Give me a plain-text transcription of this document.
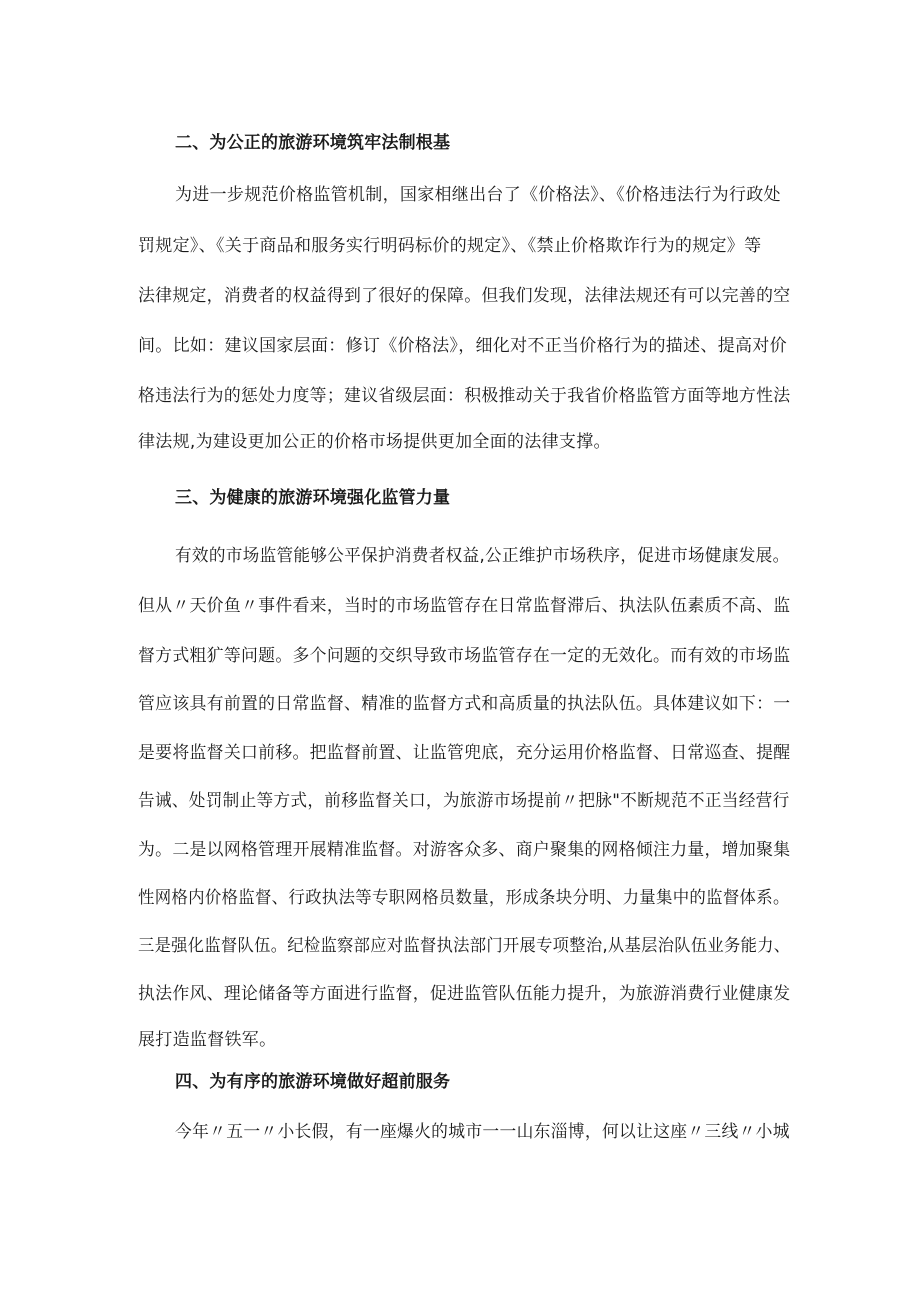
二、为公正的旅游环境筑牢法制根基
为进一步规范价格监管机制，国家相继出台了《价格法》、《价格违法行为行政处
罚规定》、《关于商品和服务实行明码标价的规定》、《禁止价格欺诈行为的规定》等
法律规定，消费者的权益得到了很好的保障。但我们发现，法律法规还有可以完善的空
间。比如：建议国家层面：修订《价格法》，细化对不正当价格行为的描述、提高对价
格违法行为的惩处力度等；建议省级层面：积极推动关于我省价格监管方面等地方性法
律法规,为建设更加公正的价格市场提供更加全面的法律支撑。
三、为健康的旅游环境强化监管力量
有效的市场监管能够公平保护消费者权益,公正维护市场秩序，促进市场健康发展。
但从〃天价鱼〃事件看来，当时的市场监管存在日常监督滞后、执法队伍素质不高、监
督方式粗犷等问题。多个问题的交织导致市场监管存在一定的无效化。而有效的市场监
管应该具有前置的日常监督、精准的监督方式和高质量的执法队伍。具体建议如下：一
是要将监督关口前移。把监督前置、让监管兜底，充分运用价格监督、日常巡查、提醒
告诫、处罚制止等方式，前移监督关口，为旅游市场提前〃把脉"不断规范不正当经营行
为。二是以网格管理开展精准监督。对游客众多、商户聚集的网格倾注力量，增加聚集
性网格内价格监督、行政执法等专职网格员数量，形成条块分明、力量集中的监督体系。
三是强化监督队伍。纪检监察部应对监督执法部门开展专项整治,从基层治队伍业务能力、
执法作风、理论储备等方面进行监督，促进监管队伍能力提升，为旅游消费行业健康发
展打造监督铁军。
四、为有序的旅游环境做好超前服务
今年〃五一〃小长假，有一座爆火的城市一一山东淄博，何以让这座〃三线〃小城
